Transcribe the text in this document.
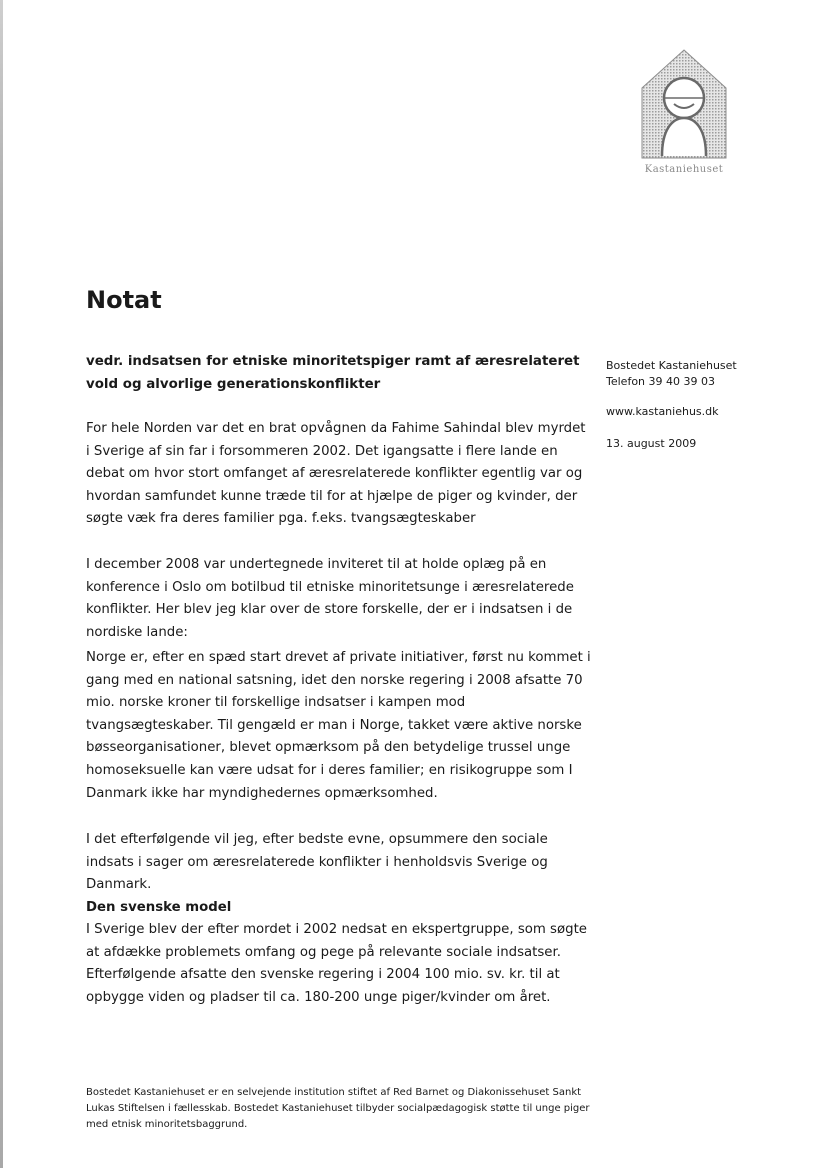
Kastaniehuset
Notat

vedr. indsatsen for etniske minoritetspiger ramt af æresrelateret vold og alvorlige generationskonflikter

Bostedet Kastaniehuset
Telefon 39 40 39 03
www.kastaniehus.dk
13. august 2009

For hele Norden var det en brat opvågnen da Fahime Sahindal blev myrdet i Sverige af sin far i forsommeren 2002. Det igangsatte i flere lande en debat om hvor stort omfanget af æresrelaterede konflikter egentlig var og hvordan samfundet kunne træde til for at hjælpe de piger og kvinder, der søgte væk fra deres familier pga. f.eks. tvangsægteskaber

I december 2008 var undertegnede inviteret til at holde oplæg på en konference i Oslo om botilbud til etniske minoritetsunge i æresrelaterede konflikter. Her blev jeg klar over de store forskelle, der er i indsatsen i de nordiske lande:

Norge er, efter en spæd start drevet af private initiativer, først nu kommet i gang med en national satsning, idet den norske regering i 2008 afsatte 70 mio. norske kroner til forskellige indsatser i kampen mod tvangsægteskaber. Til gengæld er man i Norge, takket være aktive norske bøsseorganisationer, blevet opmærksom på den betydelige trussel unge homoseksuelle kan være udsat for i deres familier; en risikogruppe som I Danmark ikke har myndighedernes opmærksomhed.

I det efterfølgende vil jeg, efter bedste evne, opsummere den sociale indsats i sager om æresrelaterede konflikter i henholdsvis Sverige og Danmark.

Den svenske model

I Sverige blev der efter mordet i 2002 nedsat en ekspertgruppe, som søgte at afdække problemets omfang og pege på relevante sociale indsatser. Efterfølgende afsatte den svenske regering i 2004 100 mio. sv. kr. til at opbygge viden og pladser til ca. 180-200 unge piger/kvinder om året.

Bostedet Kastaniehuset er en selvejende institution stiftet af Red Barnet og Diakonissehuset Sankt Lukas Stiftelsen i fællesskab. Bostedet Kastaniehuset tilbyder socialpædagogisk støtte til unge piger med etnisk minoritetsbaggrund.
